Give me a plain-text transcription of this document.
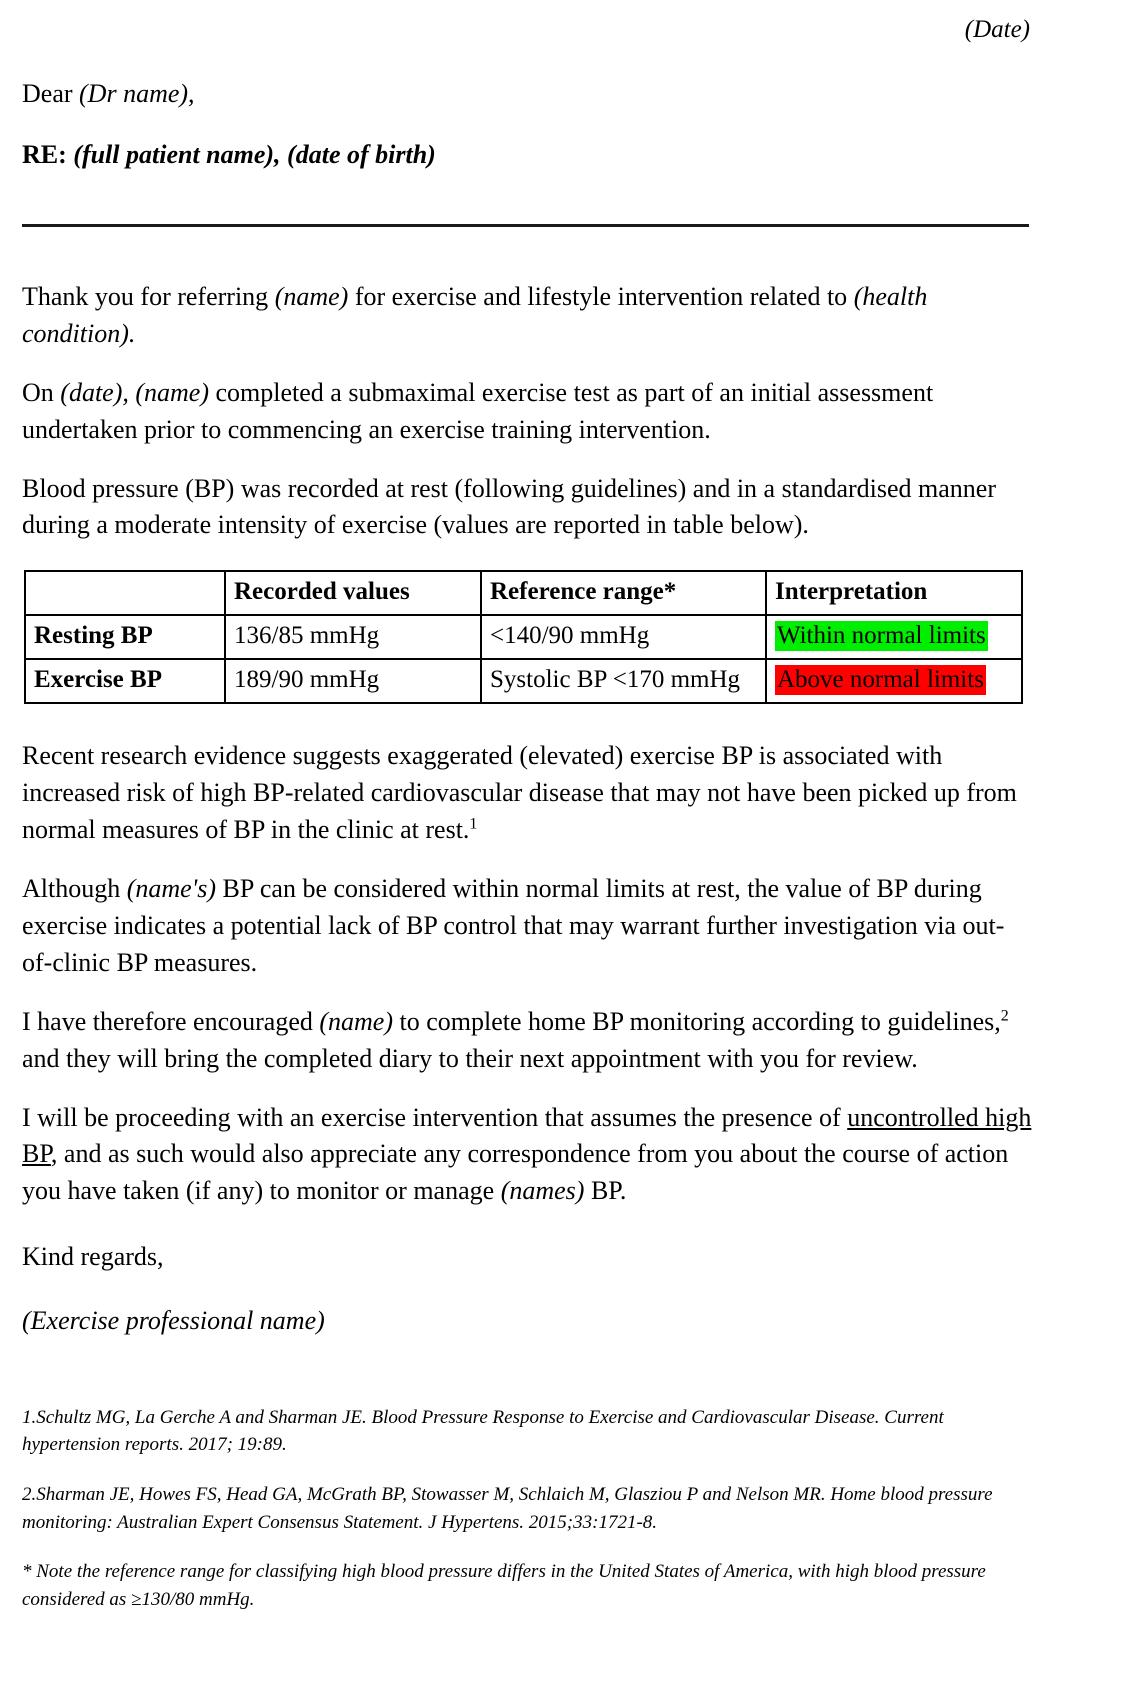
(Date)
Dear (Dr name),
RE: (full patient name), (date of birth)

Thank you for referring (name) for exercise and lifestyle intervention related to (health condition).

On (date), (name) completed a submaximal exercise test as part of an initial assessment undertaken prior to commencing an exercise training intervention.

Blood pressure (BP) was recorded at rest (following guidelines) and in a standardised manner during a moderate intensity of exercise (values are reported in table below).

	Recorded values	Reference range*	Interpretation
Resting BP	136/85 mmHg	<140/90 mmHg	Within normal limits
Exercise BP	189/90 mmHg	Systolic BP <170 mmHg	Above normal limits

Recent research evidence suggests exaggerated (elevated) exercise BP is associated with increased risk of high BP-related cardiovascular disease that may not have been picked up from normal measures of BP in the clinic at rest.$^1$

Although (name's) BP can be considered within normal limits at rest, the value of BP during exercise indicates a potential lack of BP control that may warrant further investigation via out-of-clinic BP measures.

I have therefore encouraged (name) to complete home BP monitoring according to guidelines,$^2$ and they will bring the completed diary to their next appointment with you for review.

I will be proceeding with an exercise intervention that assumes the presence of uncontrolled high BP, and as such would also appreciate any correspondence from you about the course of action you have taken (if any) to monitor or manage (names) BP.

Kind regards,
(Exercise professional name)

1.Schultz MG, La Gerche A and Sharman JE. Blood Pressure Response to Exercise and Cardiovascular Disease. Current hypertension reports. 2017; 19:89.

2.Sharman JE, Howes FS, Head GA, McGrath BP, Stowasser M, Schlaich M, Glasziou P and Nelson MR. Home blood pressure monitoring: Australian Expert Consensus Statement. J Hypertens. 2015;33:1721-8.

* Note the reference range for classifying high blood pressure differs in the United States of America, with high blood pressure considered as ≥130/80 mmHg.
